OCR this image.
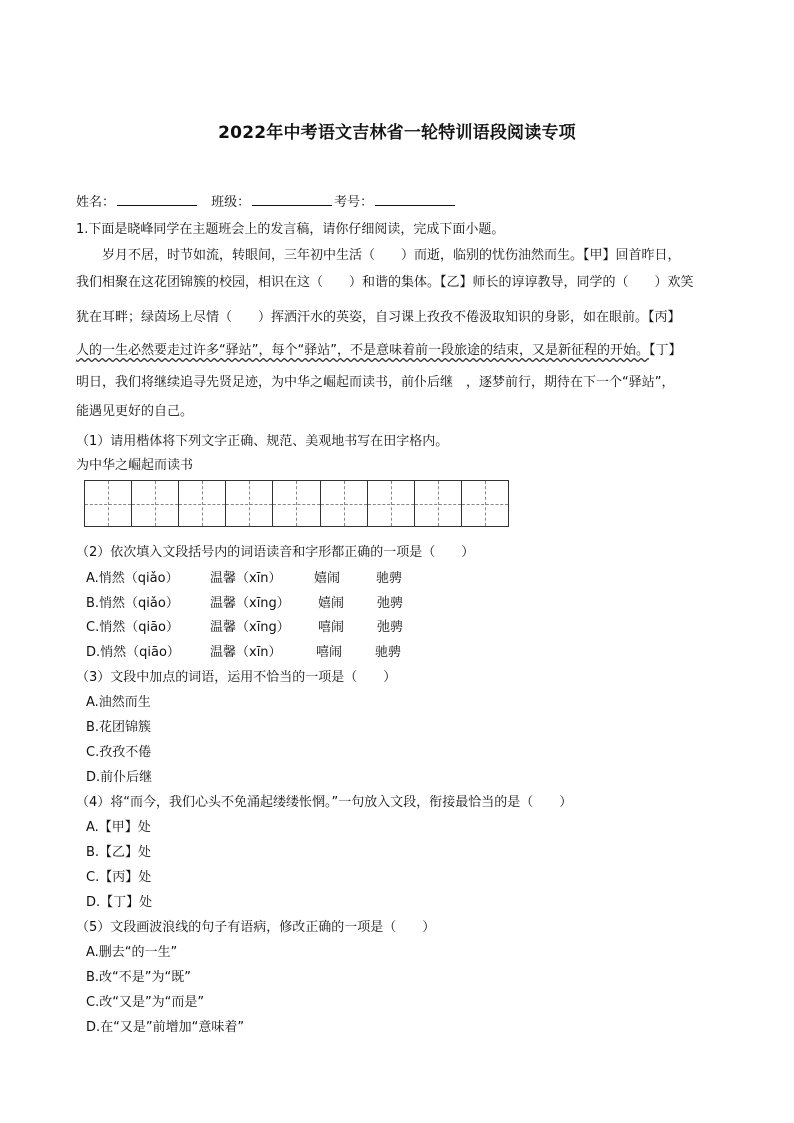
2022年中考语文吉林省一轮特训语段阅读专项
姓名：	班级：	考号：
1.下面是晓峰同学在主题班会上的发言稿，请你仔细阅读，完成下面小题。
岁月不居，时节如流，转眼间，三年初中生活（　　）而逝，临别的忧伤油然而生。【甲】回首昨日，
我们相聚在这花团锦簇的校园，相识在这（　　）和谐的集体。【乙】师长的谆谆教导，同学的（　　）欢笑
犹在耳畔；绿茵场上尽情（　　）挥洒汗水的英姿，自习课上孜孜不倦汲取知识的身影，如在眼前。【丙】
人的一生必然要走过许多“驿站”，每个“驿站”，不是意味着前一段旅途的结束，又是新征程的开始。【丁】
明日，我们将继续追寻先贤足迹，为中华之崛起而读书，前仆后继　，逐梦前行，期待在下一个“驿站”，
能遇见更好的自己。
（1）请用楷体将下列文字正确、规范、美观地书写在田字格内。
为中华之崛起而读书
（2）依次填入文段括号内的词语读音和字形都正确的一项是（　　）
A.悄然（qiǎo） 温馨（xīn） 嬉闹	驰骋
B.悄然（qiǎo） 温馨（xīng） 嬉闹	弛骋
C.悄然（qiāo） 温馨（xīng） 嘻闹	弛骋
D.悄然（qiāo） 温馨（xīn）	嘻闹	驰骋
（3）文段中加点的词语，运用不恰当的一项是（　　）
A.油然而生
B.花团锦簇
C.孜孜不倦
D.前仆后继
（4）将“而今，我们心头不免涌起缕缕怅惘。”一句放入文段，衔接最恰当的是（　　）
A.【甲】处
B.【乙】处
C.【丙】处
D.【丁】处
（5）文段画波浪线的句子有语病，修改正确的一项是（　　）
A.删去“的一生”
B.改“不是”为“既”
C.改“又是”为“而是”
D.在“又是”前增加“意味着”
